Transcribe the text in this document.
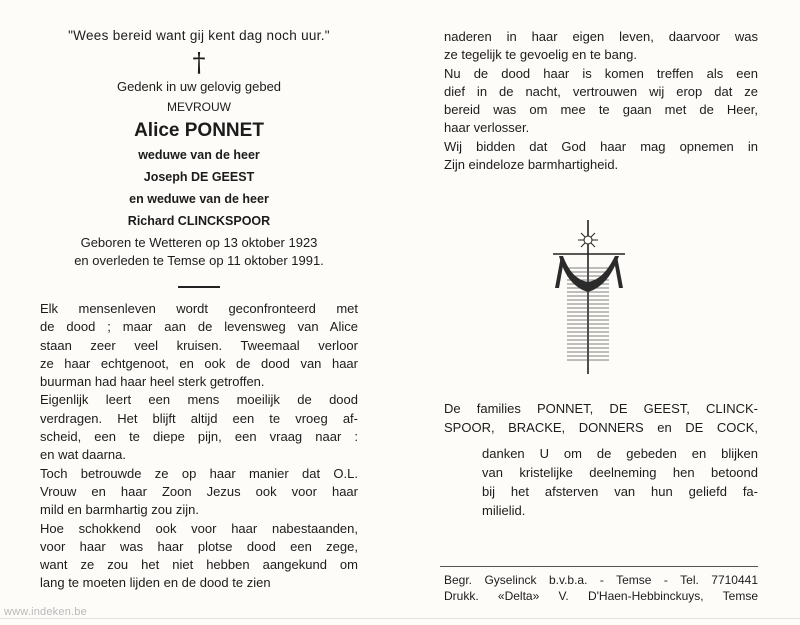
"Wees bereid want gij kent dag noch uur."
†
Gedenk in uw gelovig gebed
MEVROUW
Alice PONNET
weduwe van de heer
Joseph DE GEEST
en weduwe van de heer
Richard CLINCKSPOOR
Geboren te Wetteren op 13 oktober 1923
en overleden te Temse op 11 oktober 1991.

Elk mensenleven wordt geconfronteerd met
de dood ; maar aan de levensweg van Alice
staan zeer veel kruisen. Tweemaal verloor
ze haar echtgenoot, en ook de dood van haar
buurman had haar heel sterk getroffen.

Eigenlijk leert een mens moeilijk de dood
verdragen. Het blijft altijd een te vroeg af-
scheid, een te diepe pijn, een vraag naar :
en wat daarna.

Toch betrouwde ze op haar manier dat O.L.
Vrouw en haar Zoon Jezus ook voor haar
mild en barmhartig zou zijn.

Hoe schokkend ook voor haar nabestaanden,
voor haar was haar plotse dood een zege,
want ze zou het niet hebben aangekund om
lang te moeten lijden en de dood te zien

naderen in haar eigen leven, daarvoor was
ze tegelijk te gevoelig en te bang.

Nu de dood haar is komen treffen als een
dief in de nacht, vertrouwen wij erop dat ze
bereid was om mee te gaan met de Heer,
haar verlosser.

Wij bidden dat God haar mag opnemen in
Zijn eindeloze barmhartigheid.

De families PONNET, DE GEEST, CLINCK-
SPOOR, BRACKE, DONNERS en DE COCK,
danken U om de gebeden en blijken
van kristelijke deelneming hen betoond
bij het afsterven van hun geliefd fa-
milielid.
Begr. Gyselinck b.v.b.a. - Temse - Tel. 7710441
Drukk. «Delta» V. D'Haen-Hebbinckuys, Temse
www.indeken.be
